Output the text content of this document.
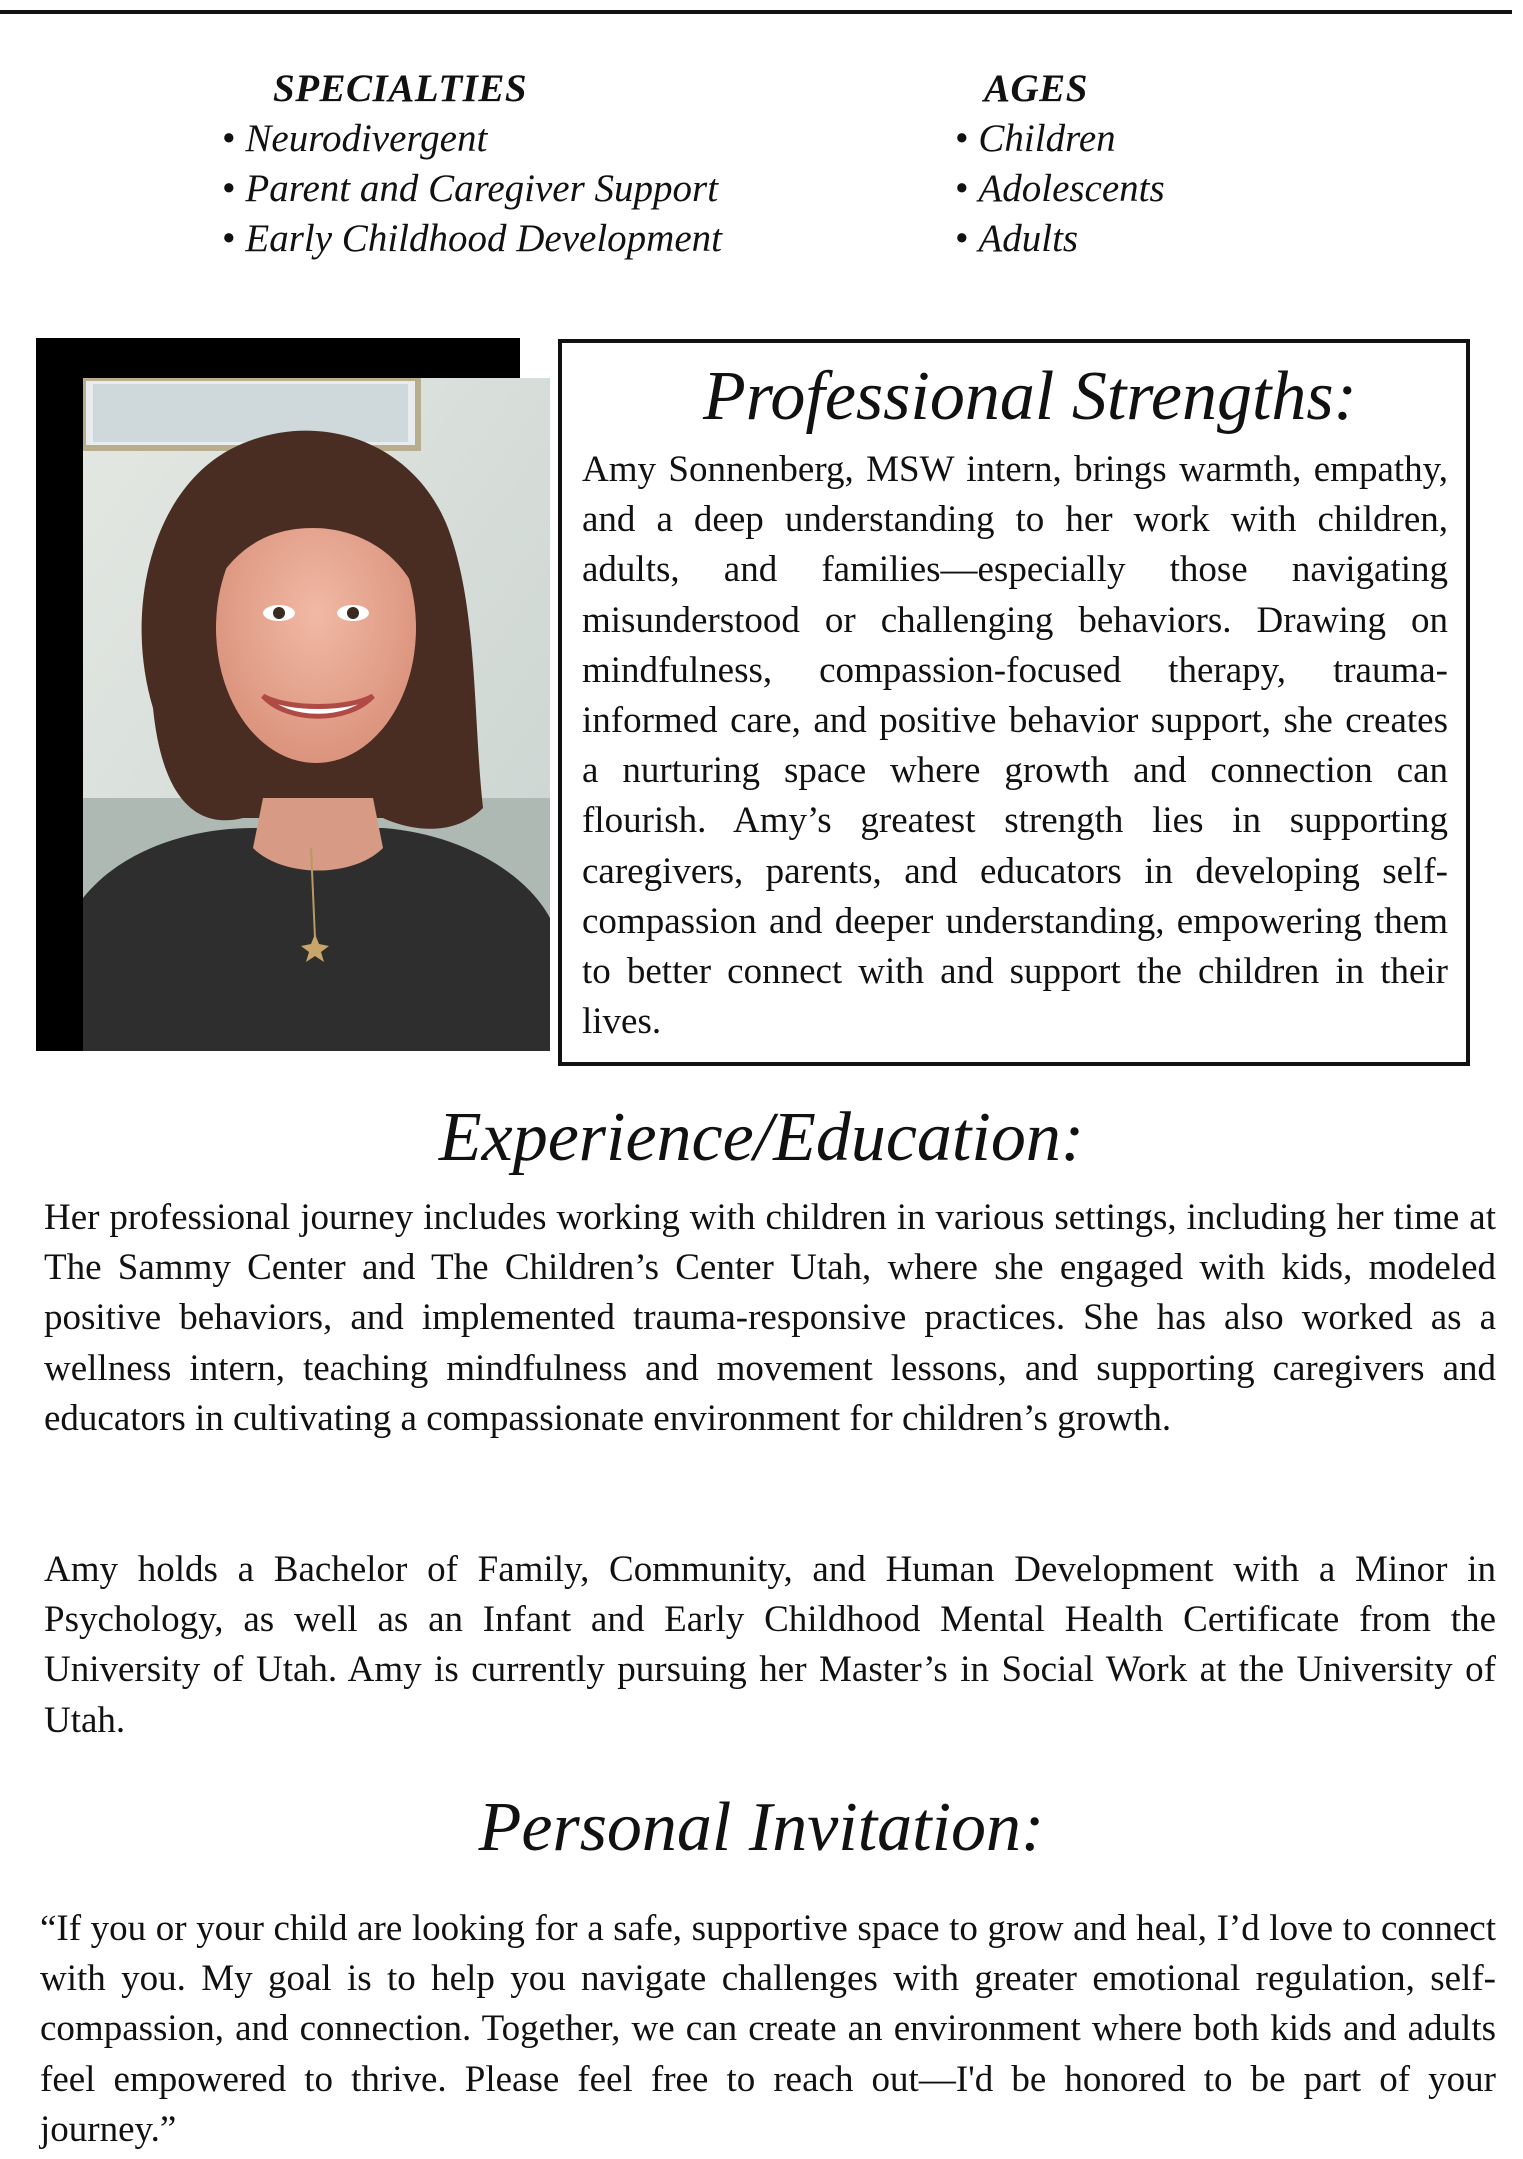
SPECIALTIES
• Neurodivergent
• Parent and Caregiver Support
• Early Childhood Development
AGES
• Children
• Adolescents
• Adults
Professional Strengths:

Amy Sonnenberg, MSW intern, brings warmth, empathy, and a deep understanding to her work with children, adults, and families—especially those navigating misunderstood or challenging behaviors. Drawing on mindfulness, compassion-focused therapy, trauma-informed care, and positive behavior support, she creates a nurturing space where growth and connection can flourish. Amy’s greatest strength lies in supporting caregivers, parents, and educators in developing self-compassion and deeper understanding, empowering them to better connect with and support the children in their lives.

Experience/Education:

Her professional journey includes working with children in various settings, including her time at The Sammy Center and The Children’s Center Utah, where she engaged with kids, modeled positive behaviors, and implemented trauma-responsive practices. She has also worked as a wellness intern, teaching mindfulness and movement lessons, and supporting caregivers and educators in cultivating a compassionate environment for children’s growth.

Amy holds a Bachelor of Family, Community, and Human Development with a Minor in Psychology, as well as an Infant and Early Childhood Mental Health Certificate from the University of Utah. Amy is currently pursuing her Master’s in Social Work at the University of Utah.

Personal Invitation:

“If you or your child are looking for a safe, supportive space to grow and heal, I’d love to connect with you. My goal is to help you navigate challenges with greater emotional regulation, self-compassion, and connection. Together, we can create an environment where both kids and adults feel empowered to thrive. Please feel free to reach out—I'd be honored to be part of your journey.”
